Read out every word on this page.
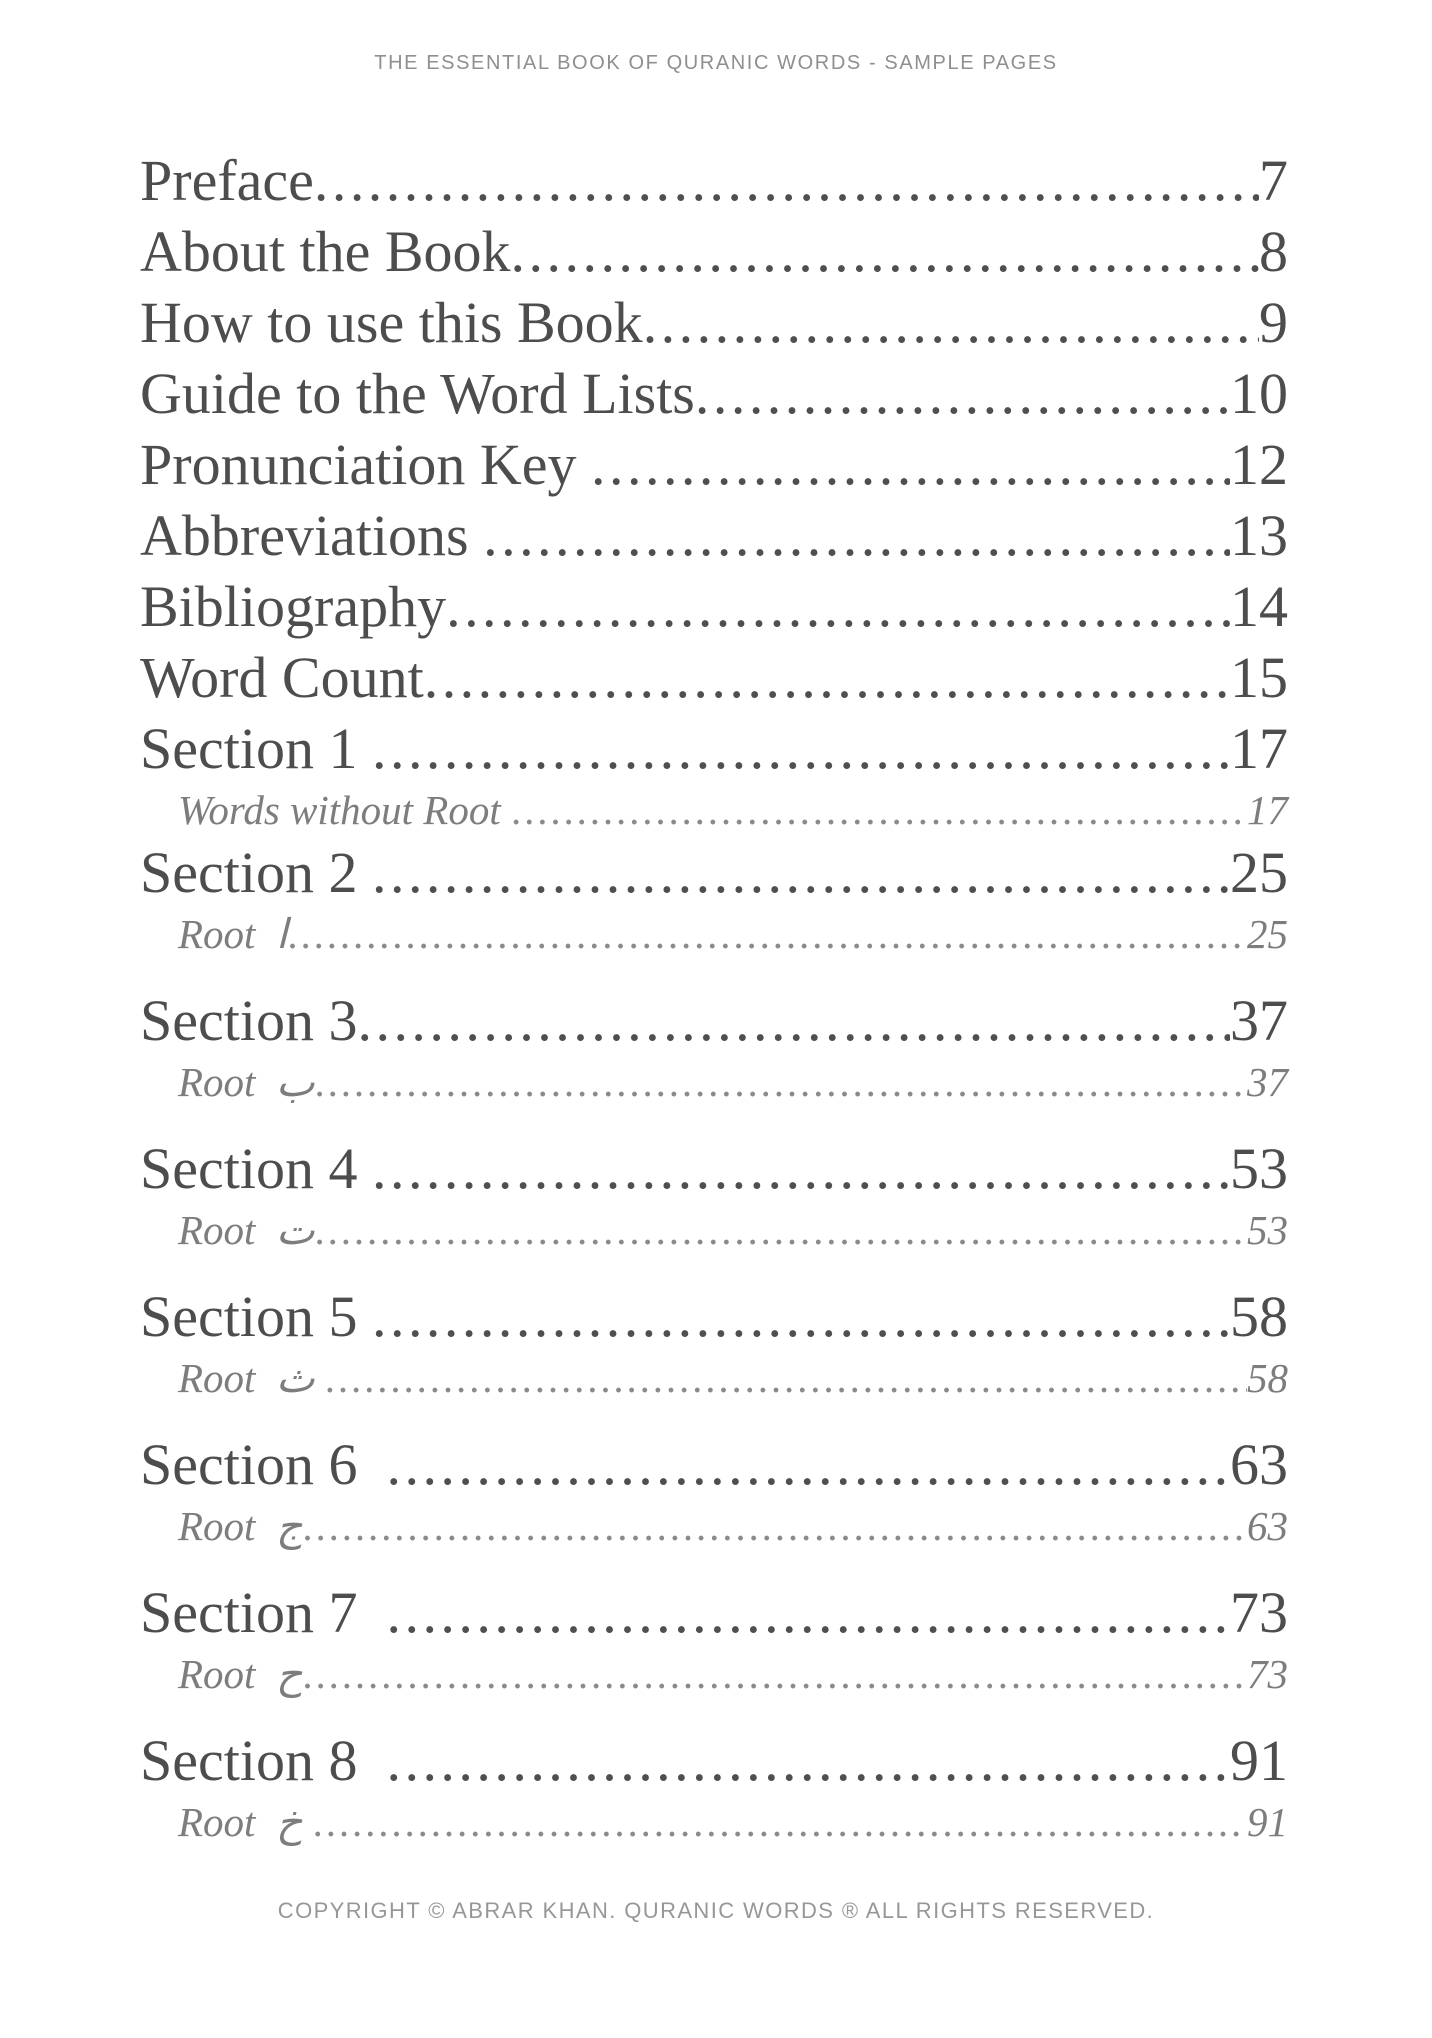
THE ESSENTIAL BOOK OF QURANIC WORDS - SAMPLE PAGES
Preface .....	7
About the Book .....	8
How to use this Book .....	9
Guide to the Word Lists .....	10
Pronunciation Key .....	12
Abbreviations .....	13
Bibliography .....	14
Word Count .....	15
Section 1 .....	17
Words without Root .....	17
Section 2 .....	25
Root  ا .....	25
Section 3 .....	37
Root  ب .....	37
Section 4 .....	53
Root  ت .....	53
Section 5 .....	58
Root  ث .....	58
Section 6 .....	63
Root  ج .....	63
Section 7 .....	73
Root  ح .....	73
Section 8 .....	91
Root  خ .....	91
COPYRIGHT © ABRAR KHAN. QURANIC WORDS ® ALL RIGHTS RESERVED.
